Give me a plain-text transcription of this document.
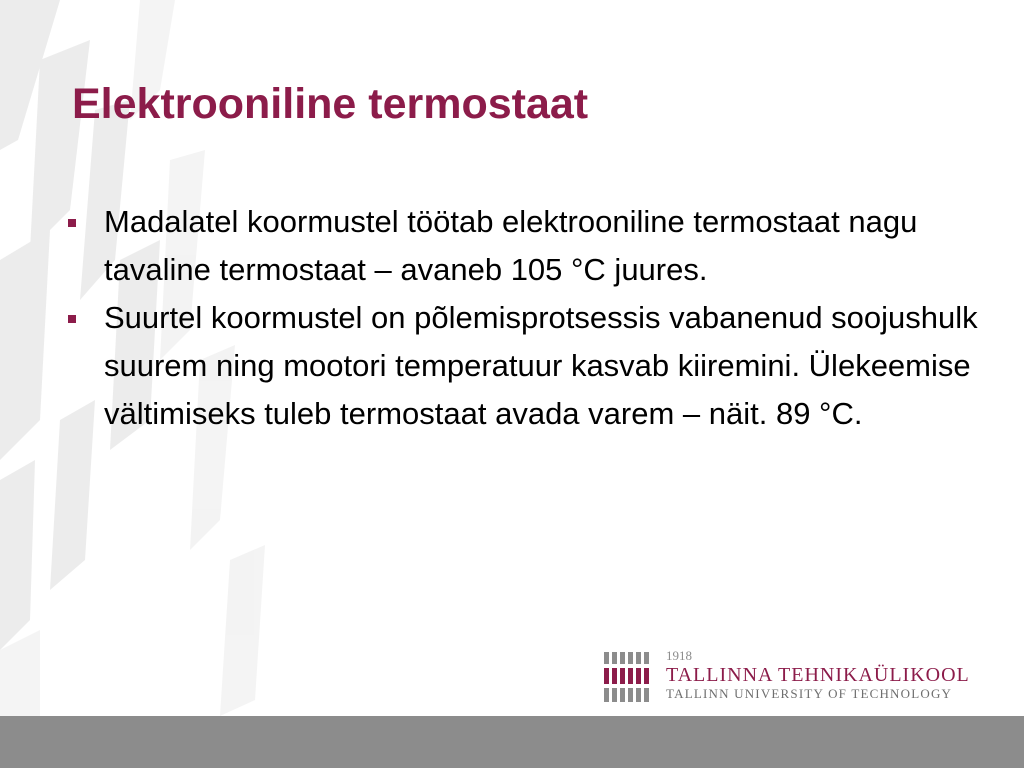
Elektrooniline termostaat
Madalatel koormustel töötab elektrooniline termostaat nagu tavaline termostaat – avaneb 105 °C juures.
Suurtel koormustel on põlemisprotsessis vabanenud soojushulk suurem ning mootori temperatuur kasvab kiiremini. Ülekeemise vältimiseks tuleb termostaat avada varem – näit. 89 °C.
1918
TALLINNA TEHNIKAÜLIKOOL
TALLINN UNIVERSITY OF TECHNOLOGY
